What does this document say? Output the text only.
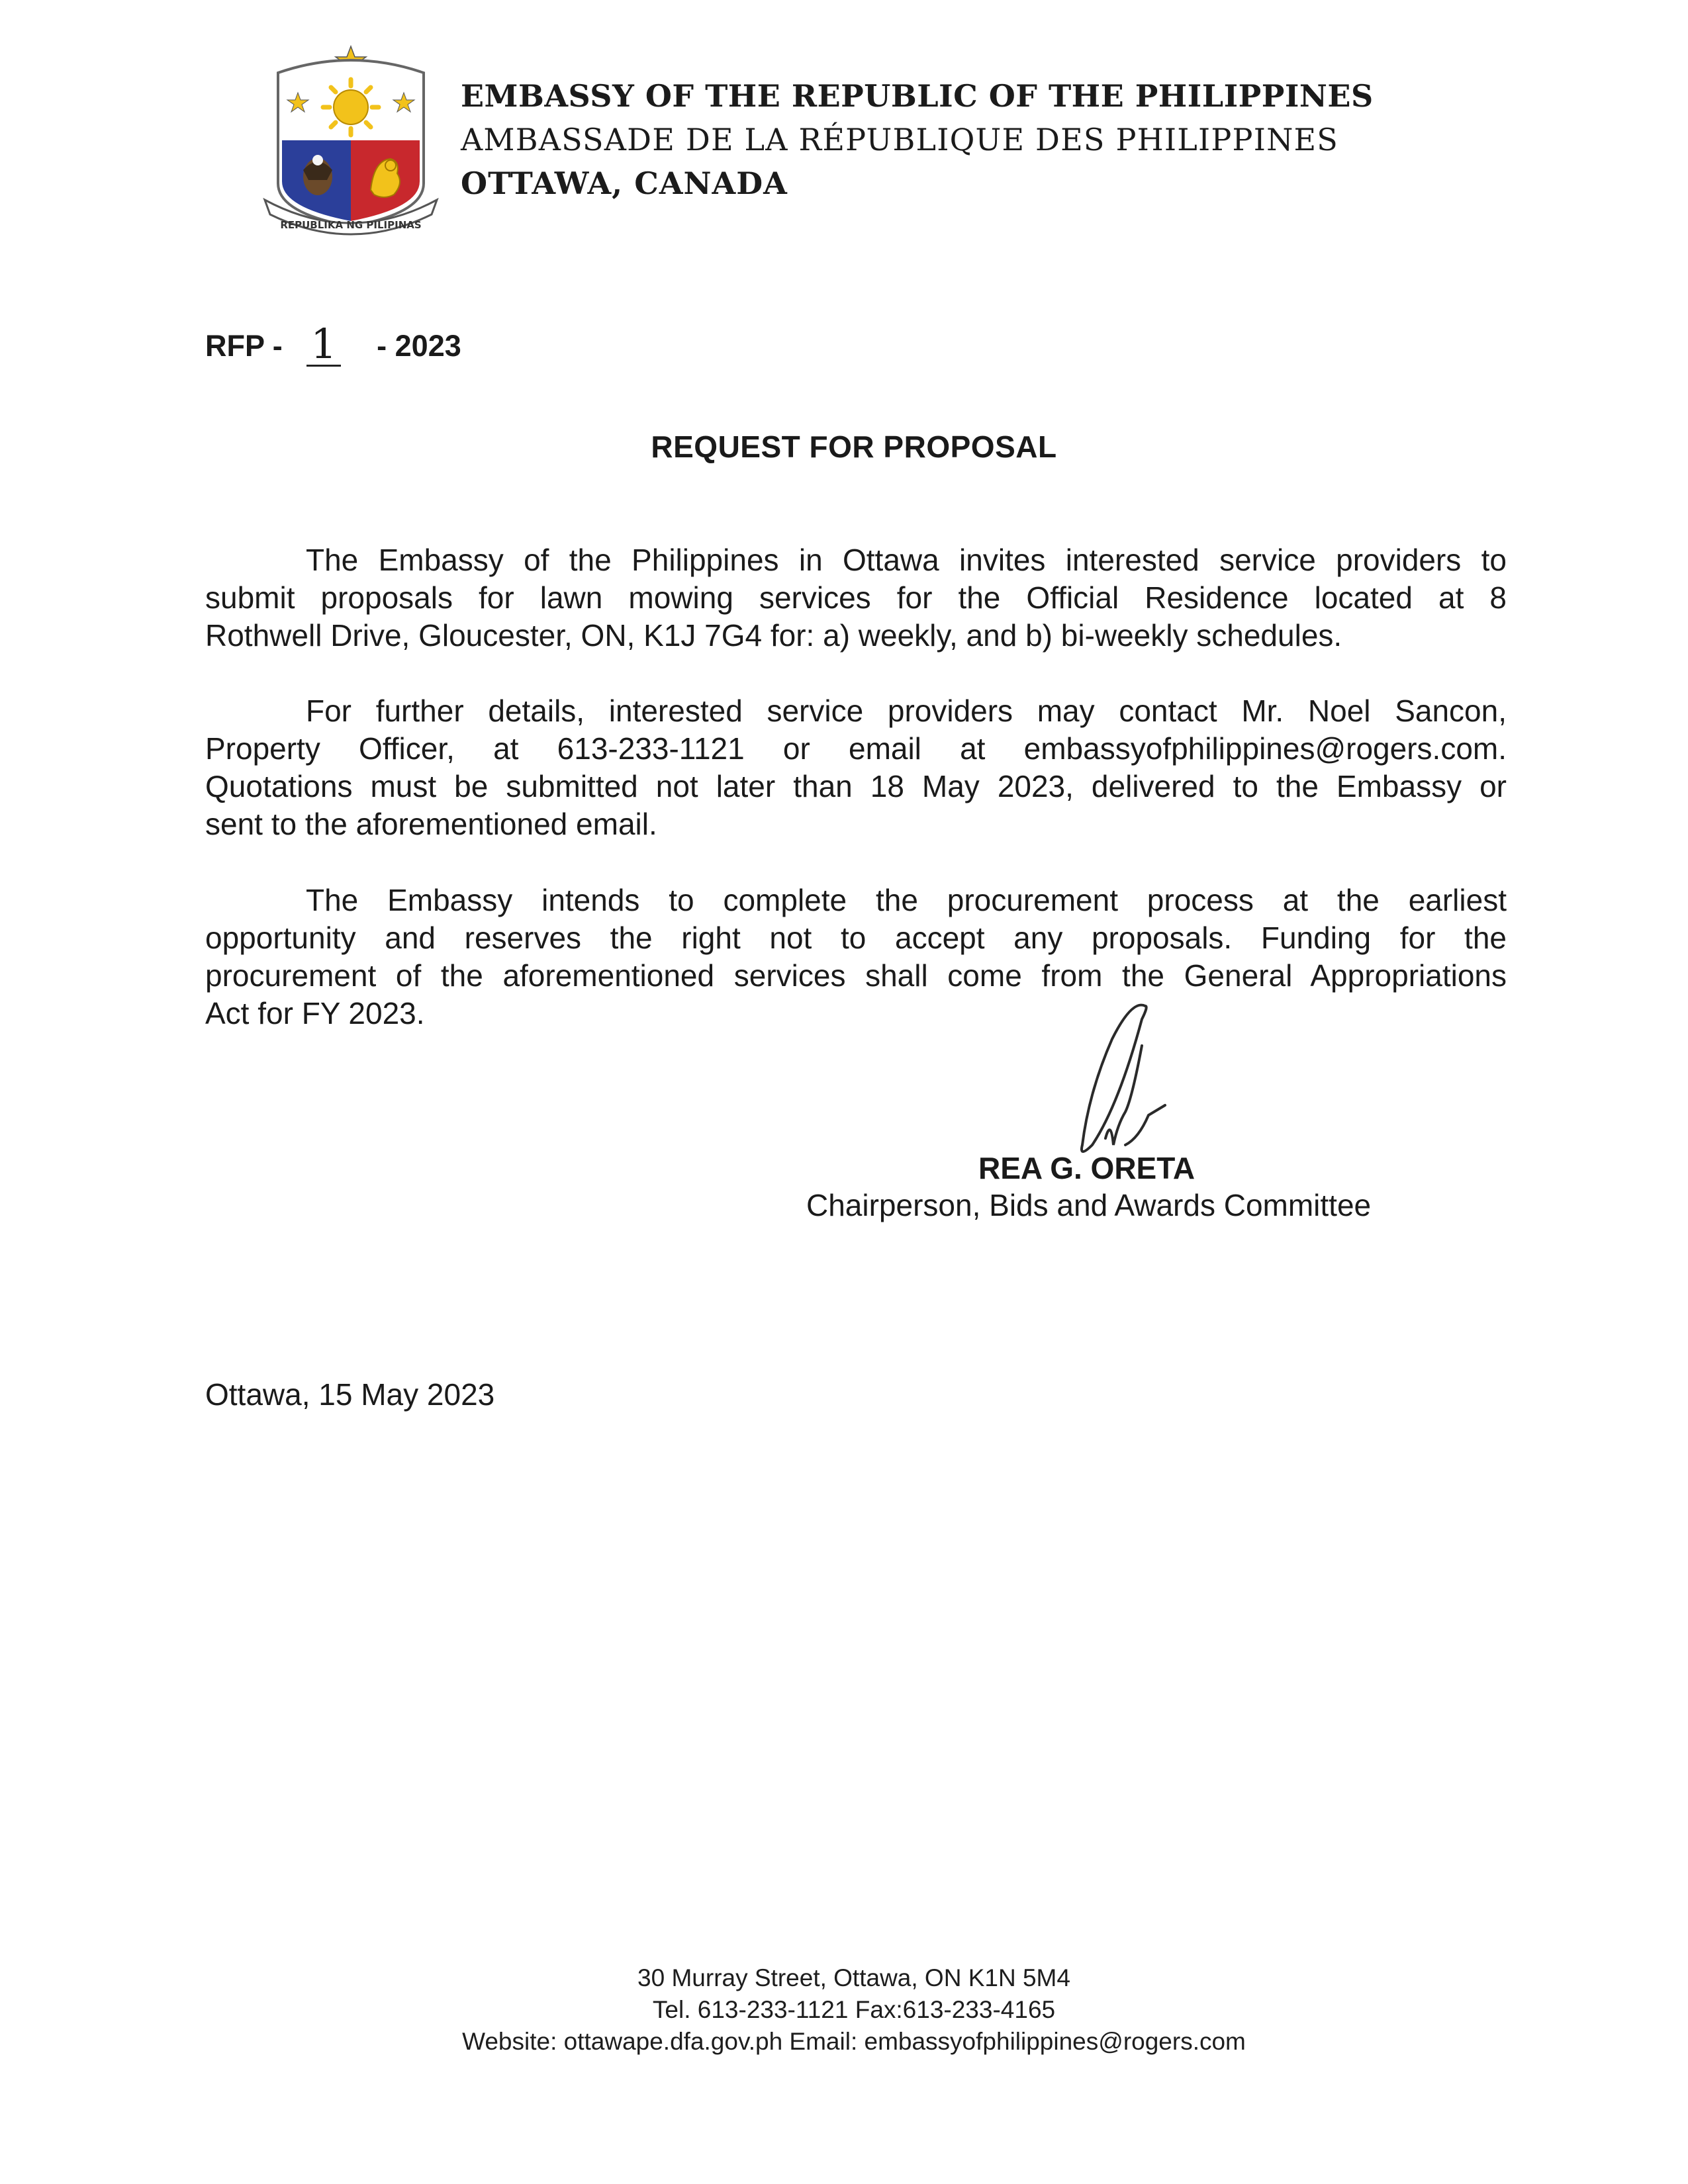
REPUBLIKA NG PILIPINAS
EMBASSY OF THE REPUBLIC OF THE PHILIPPINES
AMBASSADE DE LA RÉPUBLIQUE DES PHILIPPINES
OTTAWA, CANADA
RFP - 1 - 2023
REQUEST FOR PROPOSAL
The Embassy of the Philippines in Ottawa invites interested service providers to
submit proposals for lawn mowing services for the Official Residence located at 8
Rothwell Drive, Gloucester, ON, K1J 7G4 for: a) weekly, and b) bi-weekly schedules.
For further details, interested service providers may contact Mr. Noel Sancon,
Property Officer, at 613-233-1121 or email at embassyofphilippines@rogers.com.
Quotations must be submitted not later than 18 May 2023, delivered to the Embassy or
sent to the aforementioned email.
The Embassy intends to complete the procurement process at the earliest
opportunity and reserves the right not to accept any proposals. Funding for the
procurement of the aforementioned services shall come from the General Appropriations
Act for FY 2023.
REA G. ORETA
Chairperson, Bids and Awards Committee
Ottawa, 15 May 2023
30 Murray Street, Ottawa, ON K1N 5M4
Tel. 613-233-1121 Fax:613-233-4165
Website: ottawape.dfa.gov.ph Email: embassyofphilippines@rogers.com
